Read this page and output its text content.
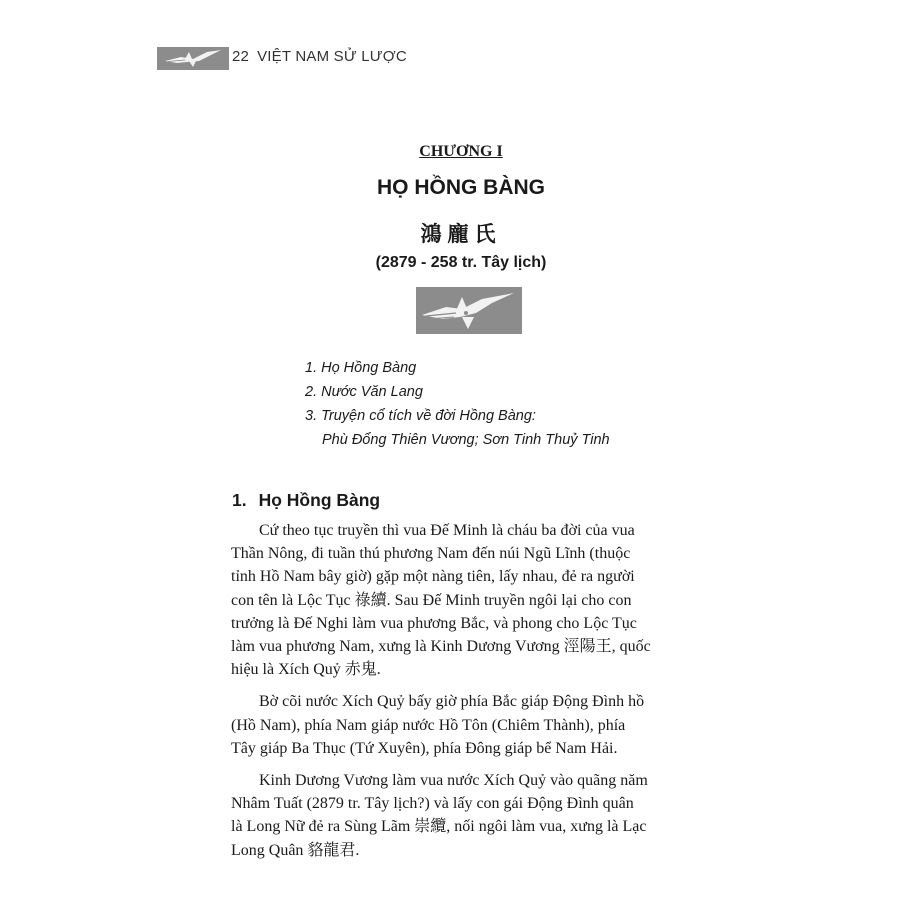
22 VIỆT NAM SỬ LƯỢC
CHƯƠNG I
HỌ HỒNG BÀNG
鴻龐氏
(2879 - 258 tr. Tây lịch)
1. Họ Hồng Bàng
2. Nước Văn Lang
3. Truyện cổ tích về đời Hồng Bàng:
Phù Đổng Thiên Vương; Sơn Tinh Thuỷ Tinh
1. Họ Hồng Bàng
Cứ theo tục truyền thì vua Đế Minh là cháu ba đời của vua
Thần Nông, đi tuần thú phương Nam đến núi Ngũ Lĩnh (thuộc
tỉnh Hồ Nam bây giờ) gặp một nàng tiên, lấy nhau, đẻ ra người
con tên là Lộc Tục 祿續. Sau Đế Minh truyền ngôi lại cho con
trưởng là Đế Nghi làm vua phương Bắc, và phong cho Lộc Tục
làm vua phương Nam, xưng là Kinh Dương Vương 涇陽王, quốc
hiệu là Xích Quỷ 赤鬼.
Bờ cõi nước Xích Quỷ bấy giờ phía Bắc giáp Động Đình hồ
(Hồ Nam), phía Nam giáp nước Hồ Tôn (Chiêm Thành), phía
Tây giáp Ba Thục (Tứ Xuyên), phía Đông giáp bể Nam Hải.
Kinh Dương Vương làm vua nước Xích Quỷ vào quãng năm
Nhâm Tuất (2879 tr. Tây lịch?) và lấy con gái Động Đình quân
là Long Nữ đẻ ra Sùng Lãm 崇纜, nối ngôi làm vua, xưng là Lạc
Long Quân 貉龍君.
